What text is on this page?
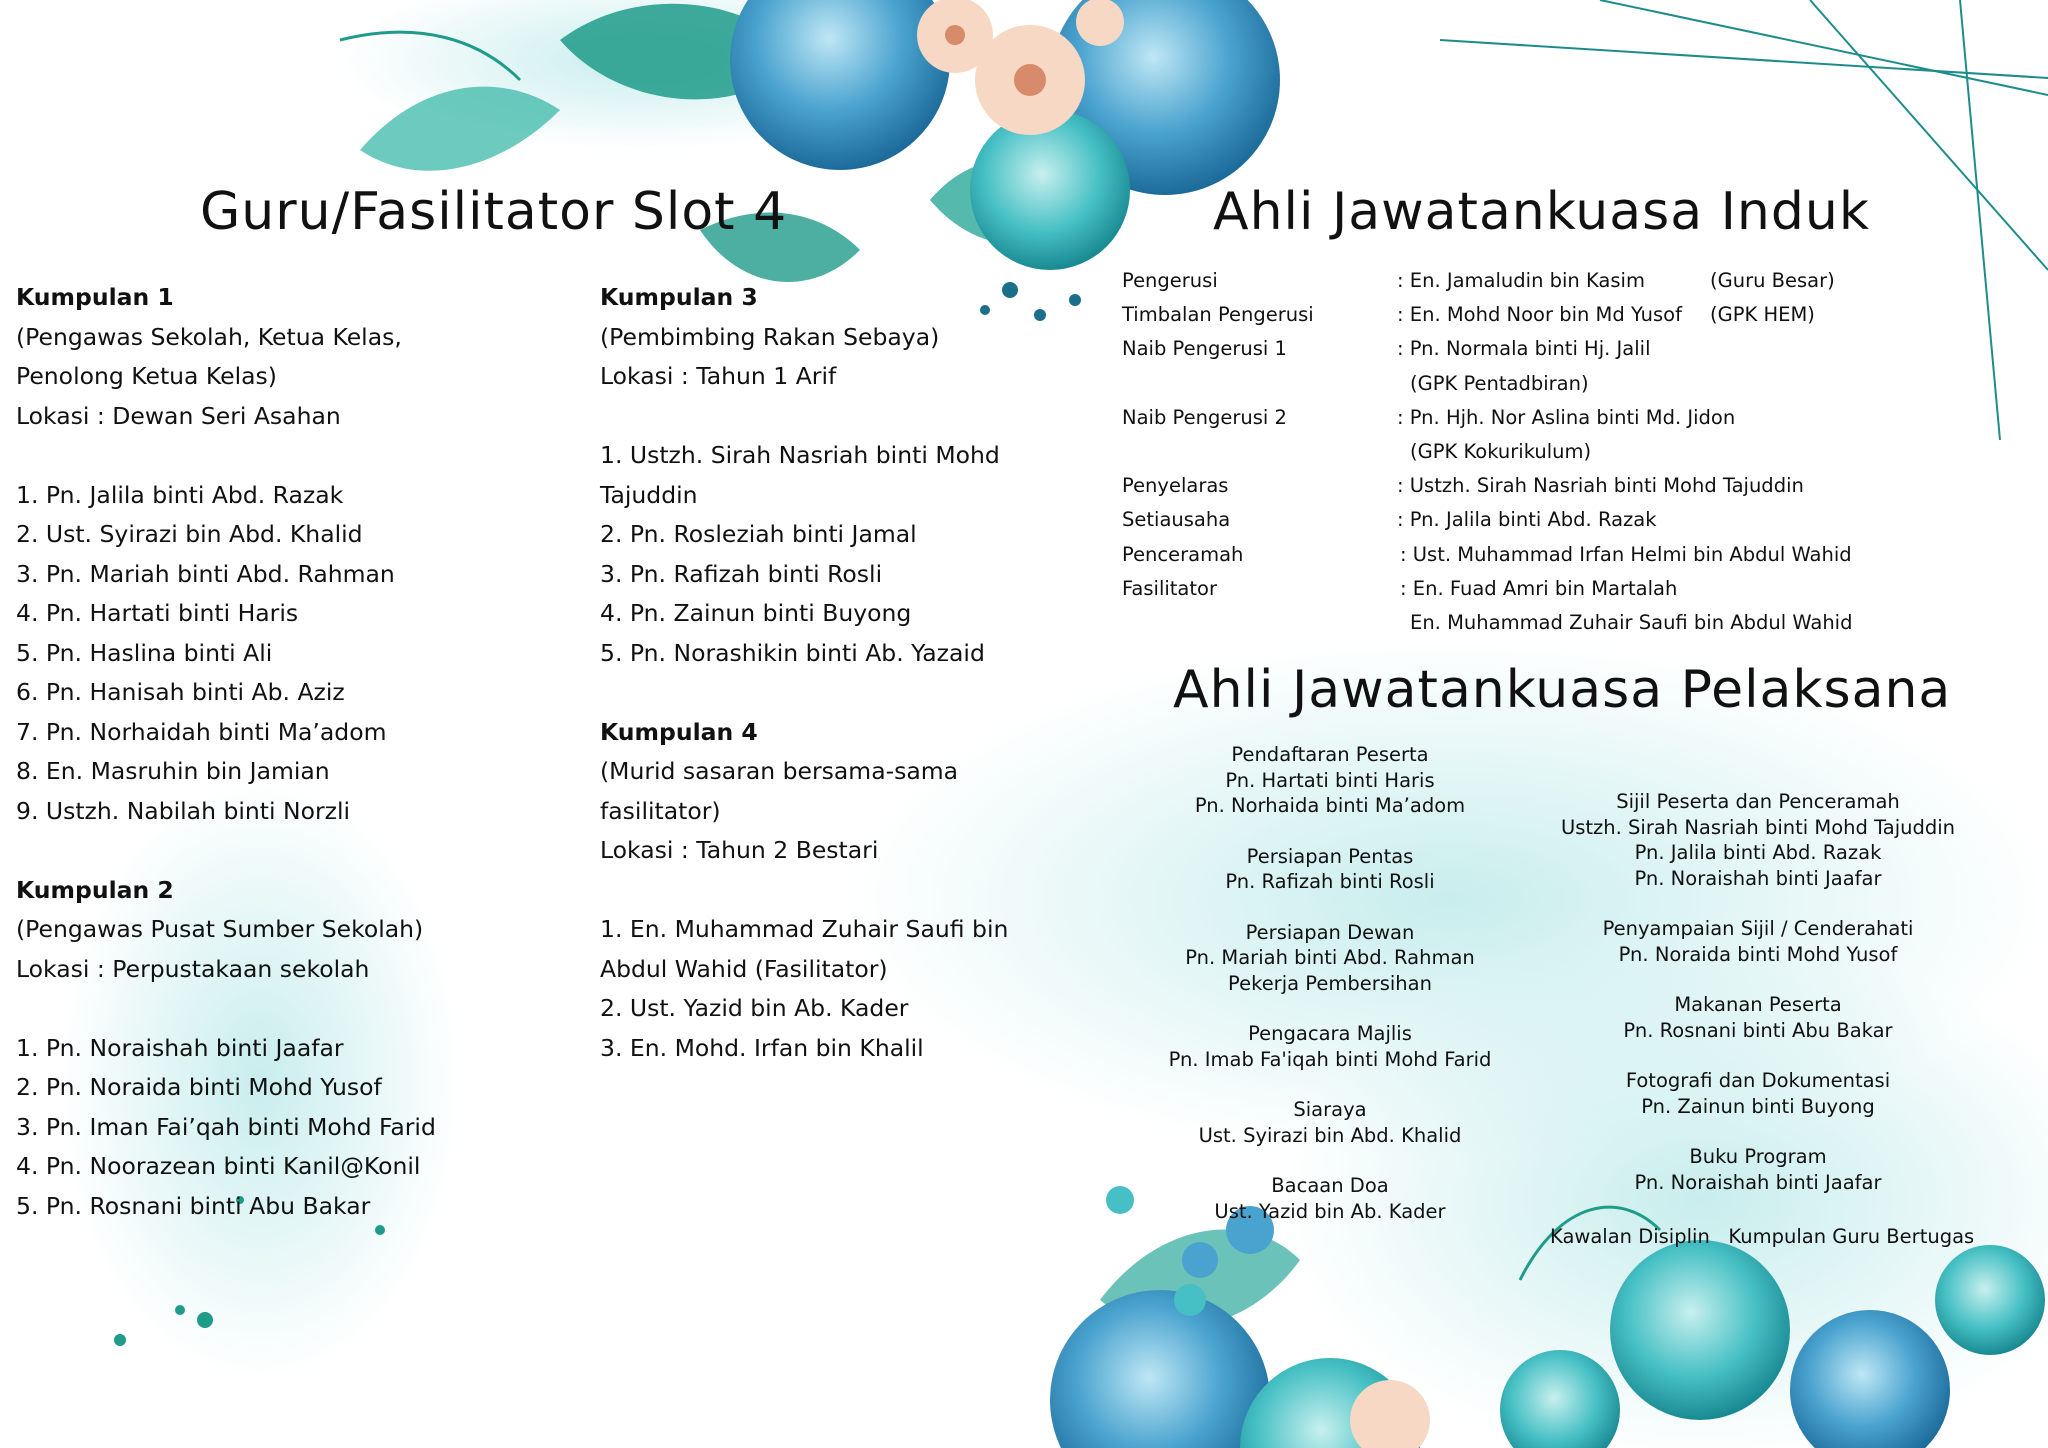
Guru/Fasilitator Slot 4	Ahli Jawatankuasa Induk
Ahli Jawatankuasa Pelaksana
Kumpulan 1
(Pengawas Sekolah, Ketua Kelas,
Penolong Ketua Kelas)
Lokasi : Dewan Seri Asahan
1. Pn. Jalila binti Abd. Razak
2. Ust. Syirazi bin Abd. Khalid
3. Pn. Mariah binti Abd. Rahman
4. Pn. Hartati binti Haris
5. Pn. Haslina binti Ali
6. Pn. Hanisah binti Ab. Aziz
7. Pn. Norhaidah binti Ma’adom
8. En. Masruhin bin Jamian
9. Ustzh. Nabilah binti Norzli
Kumpulan 2
(Pengawas Pusat Sumber Sekolah)
Lokasi : Perpustakaan sekolah
1. Pn. Noraishah binti Jaafar
2. Pn. Noraida binti Mohd Yusof
3. Pn. Iman Fai’qah binti Mohd Farid
4. Pn. Noorazean binti Kanil@Konil
5. Pn. Rosnani binti Abu Bakar
Kumpulan 3
(Pembimbing Rakan Sebaya)
Lokasi : Tahun 1 Arif
1. Ustzh. Sirah Nasriah binti Mohd
Tajuddin
2. Pn. Rosleziah binti Jamal
3. Pn. Rafizah binti Rosli
4. Pn. Zainun binti Buyong
5. Pn. Norashikin binti Ab. Yazaid
Kumpulan 4
(Murid sasaran bersama-sama
fasilitator)
Lokasi : Tahun 2 Bestari
1. En. Muhammad Zuhair Saufi bin
Abdul Wahid (Fasilitator)
2. Ust. Yazid bin Ab. Kader
3. En. Mohd. Irfan bin Khalil
Pengerusi	: En. Jamaludin bin Kasim	(Guru Besar)
Timbalan Pengerusi	: En. Mohd Noor bin Md Yusof (GPK HEM)
Naib Pengerusi 1	: Pn. Normala binti Hj. Jalil
(GPK Pentadbiran)
Naib Pengerusi 2	: Pn. Hjh. Nor Aslina binti Md. Jidon
(GPK Kokurikulum)
Penyelaras	: Ustzh. Sirah Nasriah binti Mohd Tajuddin
Setiausaha	: Pn. Jalila binti Abd. Razak
Penceramah	: Ust. Muhammad Irfan Helmi bin Abdul Wahid
Fasilitator	: En. Fuad Amri bin Martalah
En. Muhammad Zuhair Saufi bin Abdul Wahid
Pendaftaran Peserta
Pn. Hartati binti Haris
Pn. Norhaida binti Ma’adom
Persiapan Pentas
Pn. Rafizah binti Rosli
Persiapan Dewan
Pn. Mariah binti Abd. Rahman
Pekerja Pembersihan
Pengacara Majlis
Pn. Imab Fa'iqah binti Mohd Farid
Siaraya
Ust. Syirazi bin Abd. Khalid
Bacaan Doa
Ust. Yazid bin Ab. Kader
Sijil Peserta dan Penceramah
Ustzh. Sirah Nasriah binti Mohd Tajuddin
Pn. Jalila binti Abd. Razak
Pn. Noraishah binti Jaafar
Penyampaian Sijil / Cenderahati
Pn. Noraida binti Mohd Yusof
Makanan Peserta
Pn. Rosnani binti Abu Bakar
Fotografi dan Dokumentasi
Pn. Zainun binti Buyong
Buku Program
Pn. Noraishah binti Jaafar
Kawalan Disiplin Kumpulan Guru Bertugas
